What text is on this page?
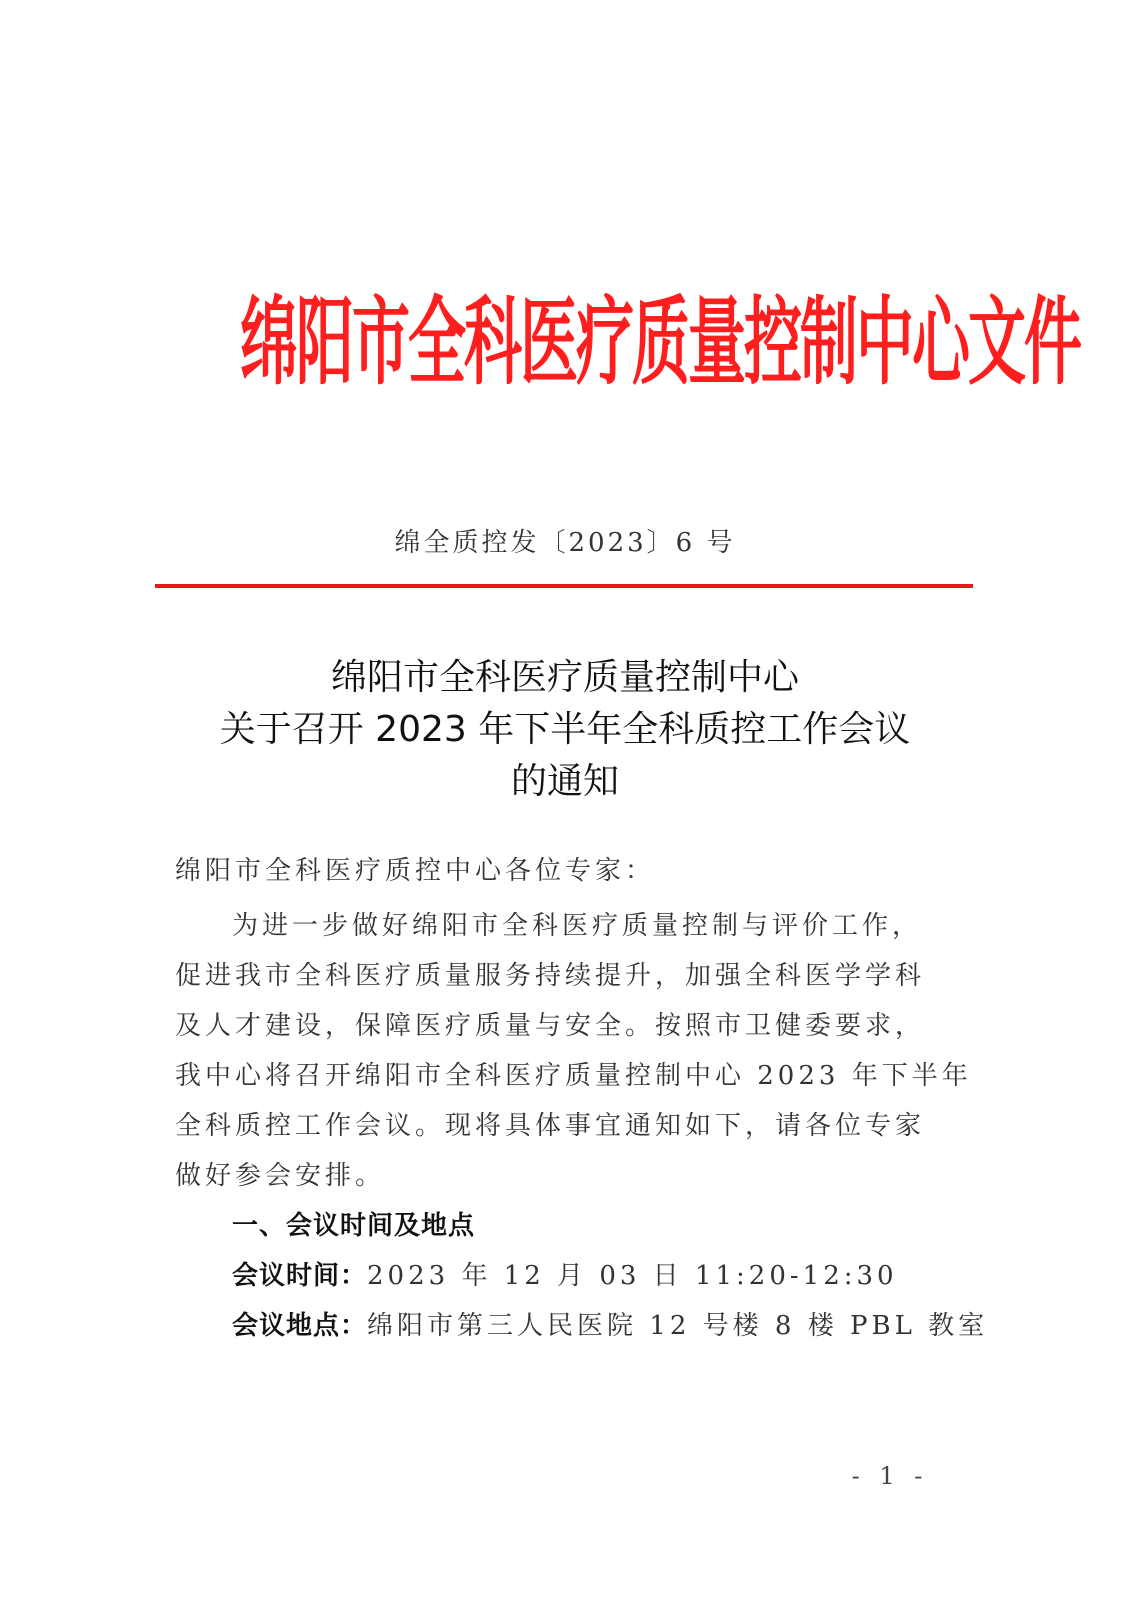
绵阳市全科医疗质量控制中心文件
绵全质控发〔2023〕6 号
绵阳市全科医疗质量控制中心
关于召开 2023 年下半年全科质控工作会议
的通知
绵阳市全科医疗质控中心各位专家：
为进一步做好绵阳市全科医疗质量控制与评价工作，
促进我市全科医疗质量服务持续提升，加强全科医学学科
及人才建设，保障医疗质量与安全。按照市卫健委要求，
我中心将召开绵阳市全科医疗质量控制中心 2023 年下半年
全科质控工作会议。现将具体事宜通知如下，请各位专家
做好参会安排。
一、会议时间及地点
会议时间：2023 年 12 月 03 日 11:20-12:30
会议地点：绵阳市第三人民医院 12 号楼 8 楼 PBL 教室
- 1 -
